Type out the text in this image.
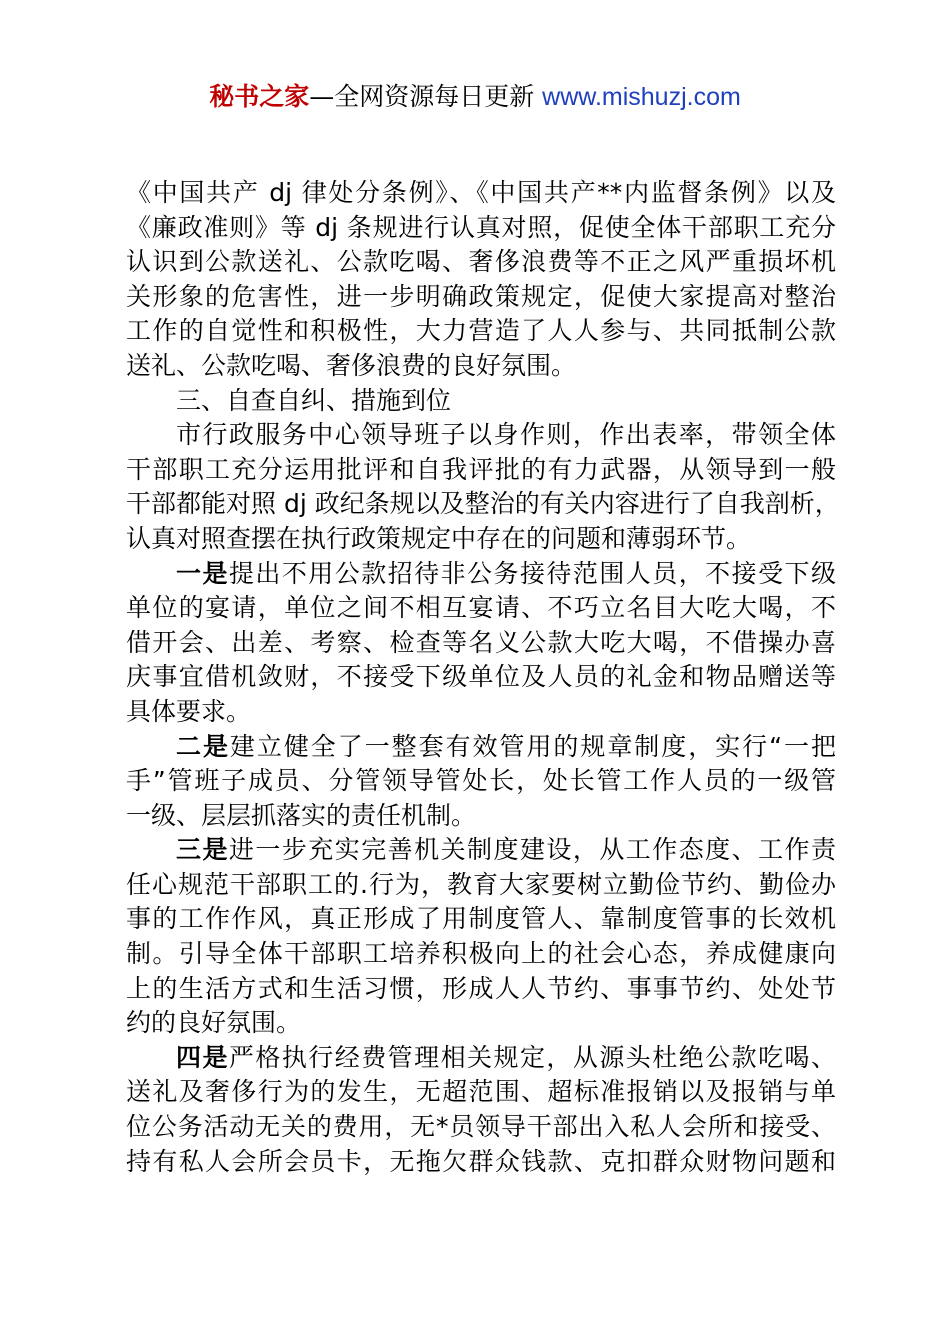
秘书之家—全网资源每日更新 www.mishuzj.com
《中国共产 dj 律处分条例》、《中国共产**内监督条例》以及
《廉政准则》等 dj 条规进行认真对照，促使全体干部职工充分
认识到公款送礼、公款吃喝、奢侈浪费等不正之风严重损坏机
关形象的危害性，进一步明确政策规定，促使大家提高对整治
工作的自觉性和积极性，大力营造了人人参与、共同抵制公款
送礼、公款吃喝、奢侈浪费的良好氛围。
三、自查自纠、措施到位
市行政服务中心领导班子以身作则，作出表率，带领全体
干部职工充分运用批评和自我评批的有力武器，从领导到一般
干部都能对照 dj 政纪条规以及整治的有关内容进行了自我剖析，
认真对照查摆在执行政策规定中存在的问题和薄弱环节。
一是提出不用公款招待非公务接待范围人员，不接受下级
单位的宴请，单位之间不相互宴请、不巧立名目大吃大喝，不
借开会、出差、考察、检查等名义公款大吃大喝，不借操办喜
庆事宜借机敛财，不接受下级单位及人员的礼金和物品赠送等
具体要求。
二是建立健全了一整套有效管用的规章制度，实行“一把
手”管班子成员、分管领导管处长，处长管工作人员的一级管
一级、层层抓落实的责任机制。
三是进一步充实完善机关制度建设，从工作态度、工作责
任心规范干部职工的.行为，教育大家要树立勤俭节约、勤俭办
事的工作作风，真正形成了用制度管人、靠制度管事的长效机
制。引导全体干部职工培养积极向上的社会心态，养成健康向
上的生活方式和生活习惯，形成人人节约、事事节约、处处节
约的良好氛围。
四是严格执行经费管理相关规定，从源头杜绝公款吃喝、
送礼及奢侈行为的发生，无超范围、超标准报销以及报销与单
位公务活动无关的费用，无*员领导干部出入私人会所和接受、
持有私人会所会员卡，无拖欠群众钱款、克扣群众财物问题和
